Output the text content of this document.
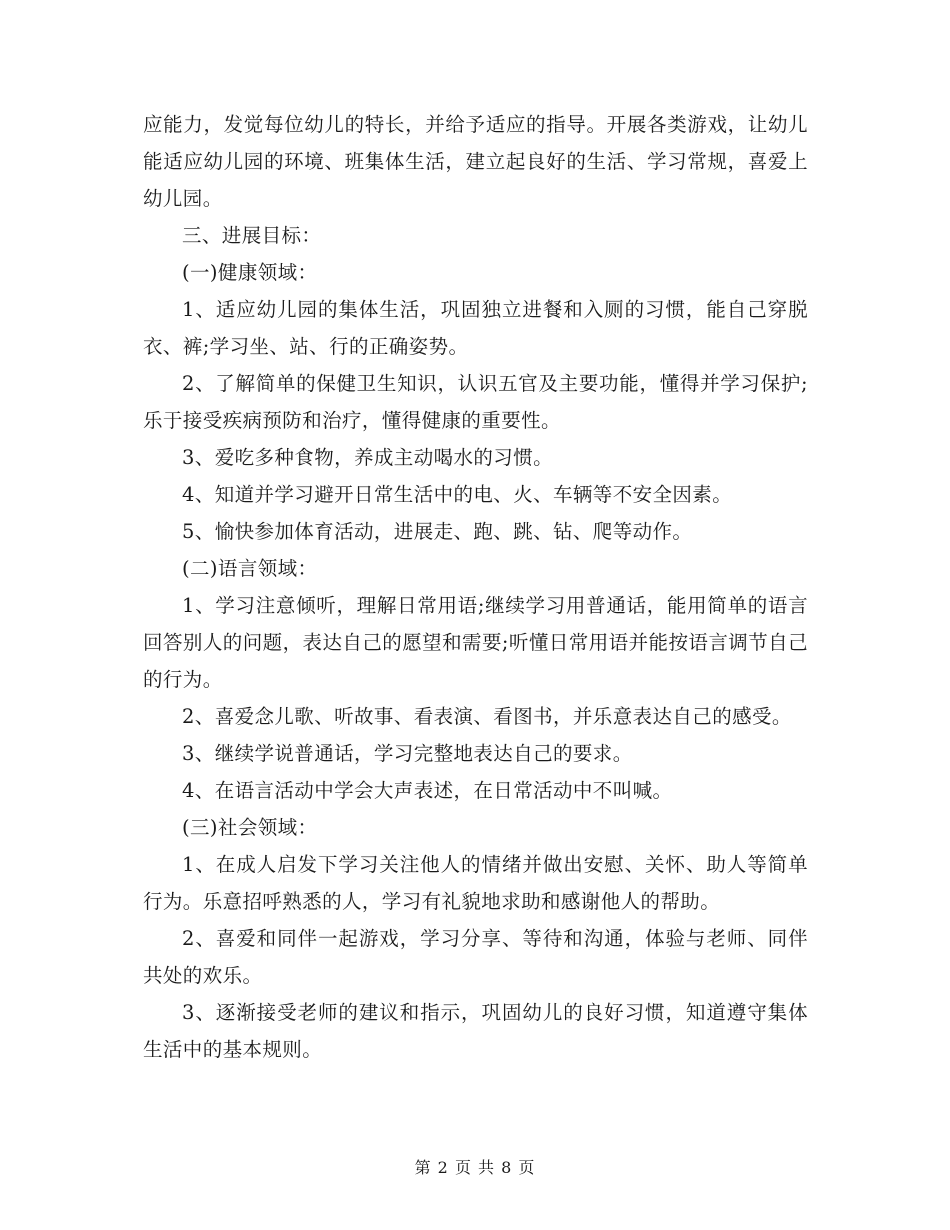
应能力，发觉每位幼儿的特长，并给予适应的指导。开展各类游戏，让幼儿能适应幼儿园的环境、班集体生活，建立起良好的生活、学习常规，喜爱上幼儿园。

三、进展目标：

(一)健康领域：

1、适应幼儿园的集体生活，巩固独立进餐和入厕的习惯，能自己穿脱衣、裤;学习坐、站、行的正确姿势。

2、了解简单的保健卫生知识，认识五官及主要功能，懂得并学习保护;乐于接受疾病预防和治疗，懂得健康的重要性。

3、爱吃多种食物，养成主动喝水的习惯。

4、知道并学习避开日常生活中的电、火、车辆等不安全因素。

5、愉快参加体育活动，进展走、跑、跳、钻、爬等动作。

(二)语言领域：

1、学习注意倾听，理解日常用语;继续学习用普通话，能用简单的语言回答别人的问题，表达自己的愿望和需要;听懂日常用语并能按语言调节自己的行为。

2、喜爱念儿歌、听故事、看表演、看图书，并乐意表达自己的感受。

3、继续学说普通话，学习完整地表达自己的要求。

4、在语言活动中学会大声表述，在日常活动中不叫喊。

(三)社会领域：

1、在成人启发下学习关注他人的情绪并做出安慰、关怀、助人等简单行为。乐意招呼熟悉的人，学习有礼貌地求助和感谢他人的帮助。

2、喜爱和同伴一起游戏，学习分享、等待和沟通，体验与老师、同伴共处的欢乐。

3、逐渐接受老师的建议和指示，巩固幼儿的良好习惯，知道遵守集体生活中的基本规则。

第 2 页 共 8 页
